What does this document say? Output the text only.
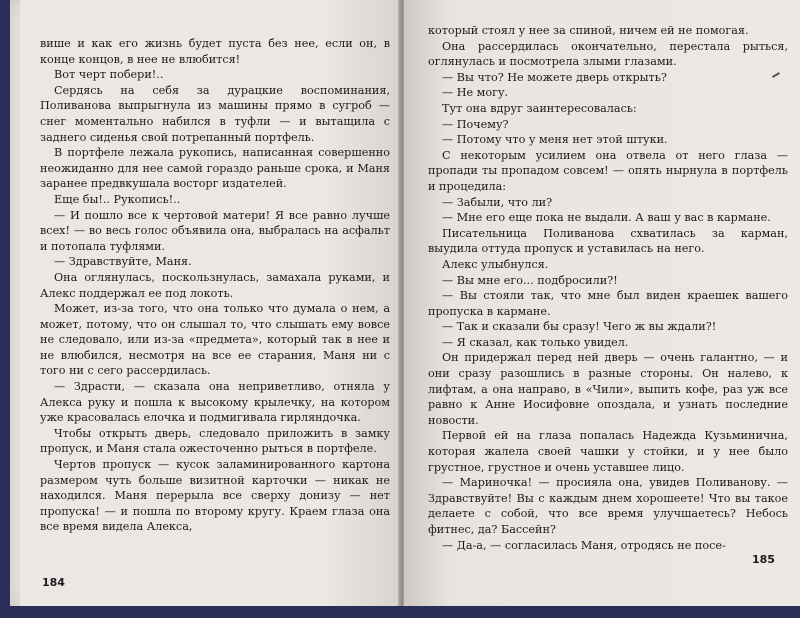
више и как его жизнь будет пуста без нее, если он, в конце концов, в нее не влюбится!

Вот черт побери!..

Сердясь на себя за дурацкие воспоминания, Поливанова выпрыгнула из машины прямо в сугроб — снег моментально набился в туфли — и вытащила с заднего сиденья свой потрепанный портфель.

В портфеле лежала рукопись, написанная совершенно неожиданно для нее самой гораздо раньше срока, и Маня заранее предвкушала восторг издателей.

Еще бы!.. Рукопись!..

— И пошло все к чертовой матери! Я все равно лучше всех! — во весь голос объявила она, выбралась на асфальт и потопала туфлями.

— Здравствуйте, Маня.

Она оглянулась, поскользнулась, замахала руками, и Алекс поддержал ее под локоть.

Может, из-за того, что она только что думала о нем, а может, потому, что он слышал то, что слышать ему вовсе не следовало, или из-за «предмета», который так в нее и не влюбился, несмотря на все ее старания, Маня ни с того ни с сего рассердилась.

— Здрасти, — сказала она неприветливо, отняла у Алекса руку и пошла к высокому крылечку, на котором уже красовалась елочка и подмигивала гирляндочка.

Чтобы открыть дверь, следовало приложить в замку пропуск, и Маня стала ожесточенно рыться в портфеле.

Чертов пропуск — кусок заламинированного картона размером чуть больше визитной карточки — никак не находился. Маня перерыла все сверху донизу — нет пропуска! — и пошла по второму кругу. Краем глаза она все время видела Алекса,

184

который стоял у нее за спиной, ничем ей не помогая.

Она рассердилась окончательно, перестала рыться, оглянулась и посмотрела злыми глазами.

— Вы что? Не можете дверь открыть?

— Не могу.

Тут она вдруг заинтересовалась:

— Почему?

— Потому что у меня нет этой штуки.

С некоторым усилием она отвела от него глаза — пропади ты пропадом совсем! — опять нырнула в портфель и процедила:

— Забыли, что ли?

— Мне его еще пока не выдали. А ваш у вас в кармане.

Писательница Поливанова схватилась за карман, выудила оттуда пропуск и уставилась на него.

Алекс улыбнулся.

— Вы мне его... подбросили?!

— Вы стояли так, что мне был виден краешек вашего пропуска в кармане.

— Так и сказали бы сразу! Чего ж вы ждали?!

— Я сказал, как только увидел.

Он придержал перед ней дверь — очень галантно, — и они сразу разошлись в разные стороны. Он налево, к лифтам, а она направо, в «Чили», выпить кофе, раз уж все равно к Анне Иосифовне опоздала, и узнать последние новости.

Первой ей на глаза попалась Надежда Кузьминична, которая жалела своей чашки у стойки, и у нее было грустное, грустное и очень уставшее лицо.

— Мариночка! — просияла она, увидев Поливанову. — Здравствуйте! Вы с каждым днем хорошеете! Что вы такое делаете с собой, что все время улучшаетесь? Небось фитнес, да? Бассейн?

— Да-а, — согласилась Маня, отродясь не посе-

185
